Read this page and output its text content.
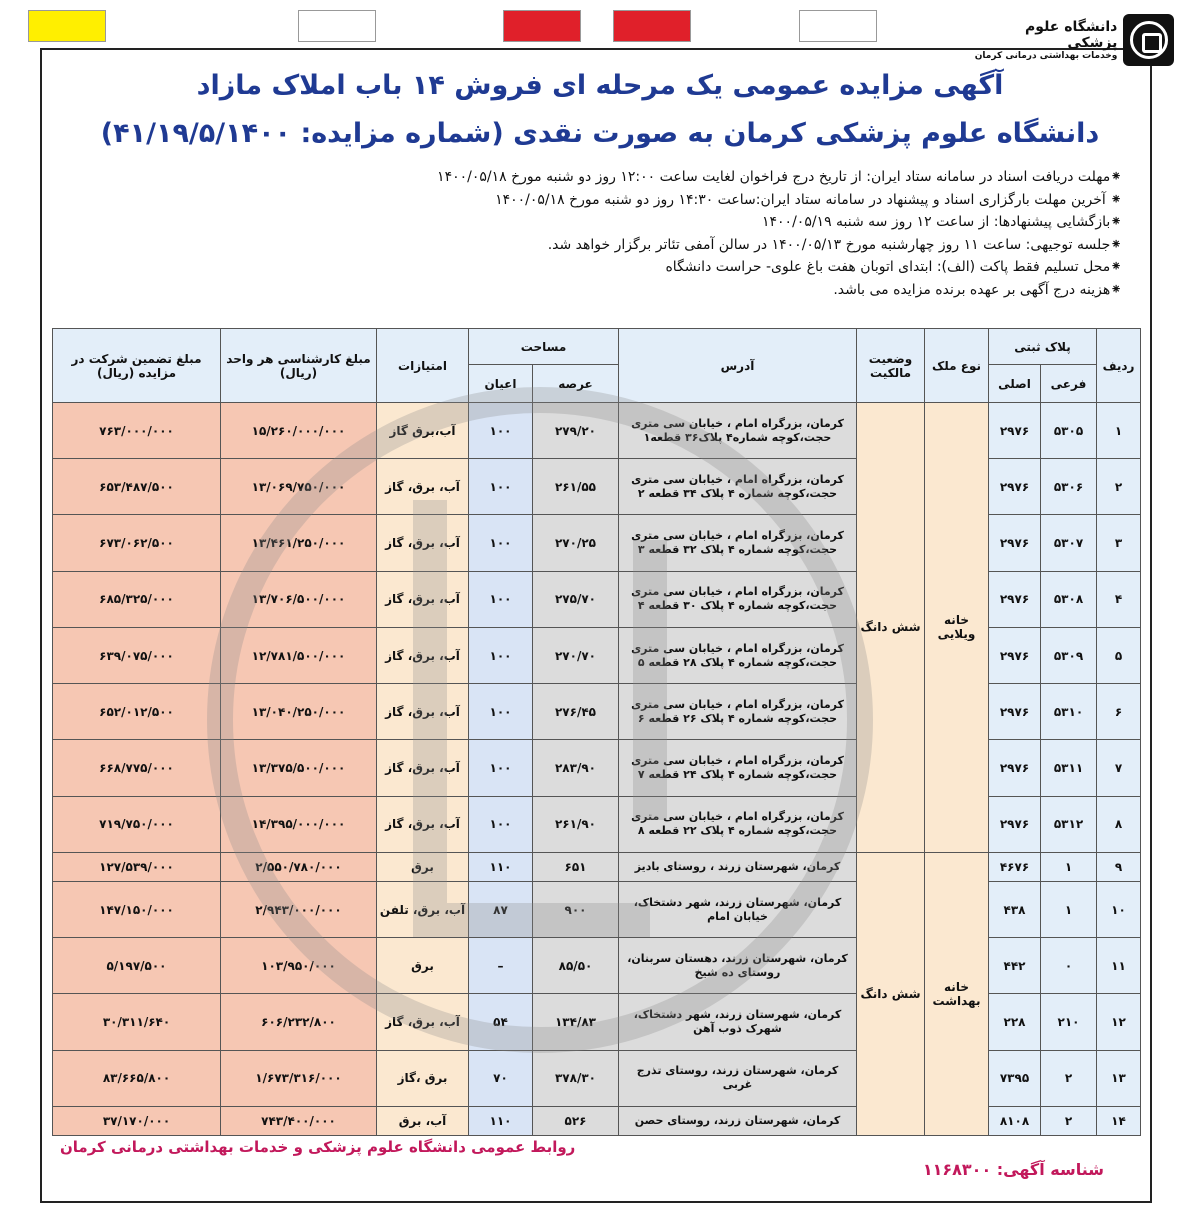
دانشگاه علوم پزشکی
وخدمات بهداشتی درمانی کرمان
آگهی مزایده عمومی یک مرحله ای فروش ۱۴ باب املاک مازاد
دانشگاه علوم پزشکی کرمان به صورت نقدی (شماره مزایده: ۴۱/۱۹/۵/۱۴۰۰)
⁕مهلت دریافت اسناد در سامانه ستاد ایران: از تاریخ درج فراخوان لغایت ساعت ۱۲:۰۰ روز دو شنبه مورخ ۱۴۰۰/۰۵/۱۸
⁕ آخرین مهلت بارگزاری اسناد و پیشنهاد در سامانه ستاد ایران:ساعت ۱۴:۳۰ روز دو شنبه مورخ ۱۴۰۰/۰۵/۱۸
⁕بازگشایی پیشنهادها: از ساعت ۱۲ روز سه شنبه ۱۴۰۰/۰۵/۱۹
⁕جلسه توجیهی: ساعت ۱۱ روز چهارشنبه مورخ ۱۴۰۰/۰۵/۱۳ در سالن آمفی تئاتر برگزار خواهد شد.
⁕محل تسلیم فقط پاکت (الف): ابتدای اتوبان هفت باغ علوی- حراست دانشگاه
⁕هزینه درج آگهی بر عهده برنده مزایده می باشد.
ردیف	پلاک ثبتی		نوع ملک	وضعیت مالکیت	آدرس	مساحت		امتیازات	مبلغ کارشناسی هر واحد (ریال)	مبلغ تضمین شرکت در مزایده (ریال)
	فرعی	اصلی				عرصه	اعیان			
۱	۵۳۰۵	۲۹۷۶	خانه ویلایی	شش دانگ	کرمان، بزرگراه امام ، خیابان سی متری حجت،کوچه شماره۴ پلاک۳۶ قطعه۱	۲۷۹/۲۰	۱۰۰	آب،برق گاز	۱۵/۲۶۰/۰۰۰/۰۰۰	۷۶۳/۰۰۰/۰۰۰
۲	۵۳۰۶	۲۹۷۶			کرمان، بزرگراه امام ، خیابان سی متری حجت،کوچه شماره ۴ پلاک ۳۴ قطعه ۲	۲۶۱/۵۵	۱۰۰	آب، برق، گاز	۱۳/۰۶۹/۷۵۰/۰۰۰	۶۵۳/۴۸۷/۵۰۰
۳	۵۳۰۷	۲۹۷۶			کرمان، بزرگراه امام ، خیابان سی متری حجت،کوچه شماره ۴ پلاک ۳۲ قطعه ۳	۲۷۰/۲۵	۱۰۰	آب، برق، گاز	۱۳/۴۶۱/۲۵۰/۰۰۰	۶۷۳/۰۶۲/۵۰۰
۴	۵۳۰۸	۲۹۷۶			کرمان، بزرگراه امام ، خیابان سی متری حجت،کوچه شماره ۴ پلاک ۳۰ قطعه ۴	۲۷۵/۷۰	۱۰۰	آب، برق، گاز	۱۳/۷۰۶/۵۰۰/۰۰۰	۶۸۵/۳۲۵/۰۰۰
۵	۵۳۰۹	۲۹۷۶			کرمان، بزرگراه امام ، خیابان سی متری حجت،کوچه شماره ۴ پلاک ۲۸ قطعه ۵	۲۷۰/۷۰	۱۰۰	آب، برق، گاز	۱۲/۷۸۱/۵۰۰/۰۰۰	۶۳۹/۰۷۵/۰۰۰
۶	۵۳۱۰	۲۹۷۶			کرمان، بزرگراه امام ، خیابان سی متری حجت،کوچه شماره ۴ پلاک ۲۶ قطعه ۶	۲۷۶/۴۵	۱۰۰	آب، برق، گاز	۱۳/۰۴۰/۲۵۰/۰۰۰	۶۵۲/۰۱۲/۵۰۰
۷	۵۳۱۱	۲۹۷۶			کرمان، بزرگراه امام ، خیابان سی متری حجت،کوچه شماره ۴ پلاک ۲۴ قطعه ۷	۲۸۳/۹۰	۱۰۰	آب، برق، گاز	۱۳/۳۷۵/۵۰۰/۰۰۰	۶۶۸/۷۷۵/۰۰۰
۸	۵۳۱۲	۲۹۷۶			کرمان، بزرگراه امام ، خیابان سی متری حجت،کوچه شماره ۴ پلاک ۲۲ قطعه ۸	۲۶۱/۹۰	۱۰۰	آب، برق، گاز	۱۴/۳۹۵/۰۰۰/۰۰۰	۷۱۹/۷۵۰/۰۰۰
۹	۱	۴۶۷۶	خانه بهداشت	شش دانگ	کرمان، شهرستان زرند ، روستای بادیز	۶۵۱	۱۱۰	برق	۲/۵۵۰/۷۸۰/۰۰۰	۱۲۷/۵۳۹/۰۰۰
۱۰	۱	۴۳۸			کرمان، شهرستان زرند، شهر دشتخاک، خیابان امام	۹۰۰	۸۷	آب، برق، تلفن	۲/۹۴۳/۰۰۰/۰۰۰	۱۴۷/۱۵۰/۰۰۰
۱۱	۰	۴۴۲			کرمان، شهرستان زرند، دهستان سربنان، روستای ده شیخ	۸۵/۵۰	–	برق	۱۰۳/۹۵۰/۰۰۰	۵/۱۹۷/۵۰۰
۱۲	۲۱۰	۲۲۸			کرمان، شهرستان زرند، شهر دشتخاک، شهرک ذوب آهن	۱۳۴/۸۳	۵۴	آب، برق، گاز	۶۰۶/۲۳۲/۸۰۰	۳۰/۳۱۱/۶۴۰
۱۳	۲	۷۳۹۵			کرمان، شهرستان زرند، روستای تذرج غربی	۳۷۸/۳۰	۷۰	برق ،گاز	۱/۶۷۳/۳۱۶/۰۰۰	۸۳/۶۶۵/۸۰۰
۱۴	۲	۸۱۰۸			کرمان، شهرستان زرند، روستای حصن	۵۲۶	۱۱۰	آب، برق	۷۴۳/۴۰۰/۰۰۰	۳۷/۱۷۰/۰۰۰
روابط عمومی دانشگاه علوم پزشکی و خدمات بهداشتی درمانی کرمان
شناسه آگهی: ۱۱۶۸۳۰۰
